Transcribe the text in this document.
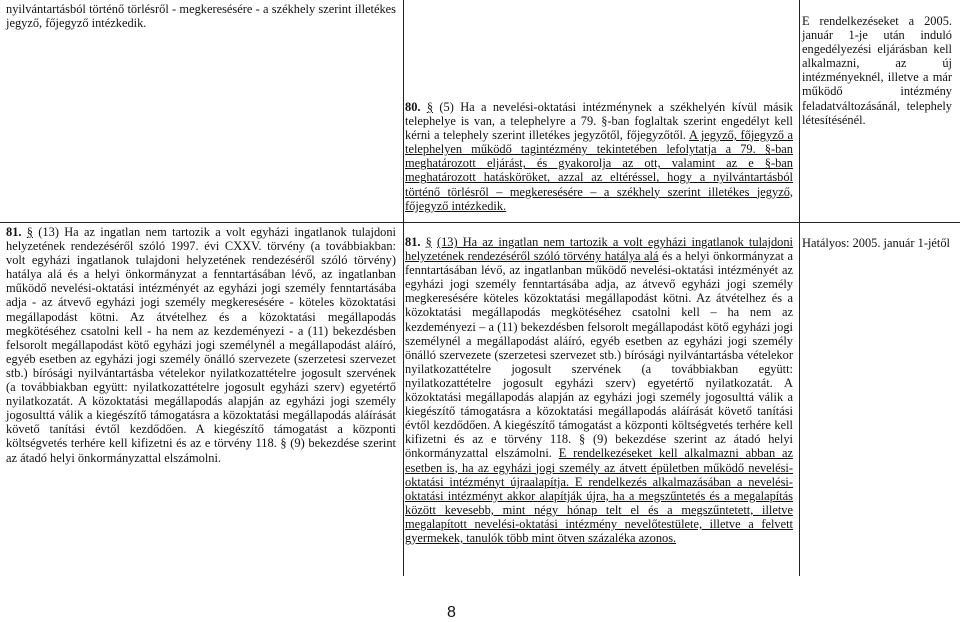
nyilvántartásból történő törlésről - megkeresésére - a székhely szerint illetékes jegyző, főjegyző intézkedik.

81. § (13) Ha az ingatlan nem tartozik a volt egyházi ingatlanok tulajdoni helyzetének rendezéséről szóló 1997. évi CXXV. törvény (a továbbiakban: volt egyházi ingatlanok tulajdoni helyzetének rendezéséről szóló törvény) hatálya alá és a helyi önkormányzat a fenntartásában lévő, az ingatlanban működő nevelési-oktatási intézményét az egyházi jogi személy fenntartásába adja - az átvevő egyházi jogi személy megkeresésére - köteles közoktatási megállapodást kötni. Az átvételhez és a közoktatási megállapodás megkötéséhez csatolni kell - ha nem az kezdeményezi - a (11) bekezdésben felsorolt megállapodást kötő egyházi jogi személynél a megállapodást aláíró, egyéb esetben az egyházi jogi személy önálló szervezete (szerzetesi szervezet stb.) bírósági nyilvántartásba vételekor nyilatkozattételre jogosult szervének (a továbbiakban együtt: nyilatkozattételre jogosult egyházi szerv) egyetértő nyilatkozatát. A közoktatási megállapodás alapján az egyházi jogi személy jogosulttá válik a kiegészítő támogatásra a közoktatási megállapodás aláírását követő tanítási évtől kezdődően. A kiegészítő támogatást a központi költségvetés terhére kell kifizetni és az e törvény 118. § (9) bekezdése szerint az átadó helyi önkormányzattal elszámolni.

80. § (5) Ha a nevelési-oktatási intézménynek a székhelyén kívül másik telephelye is van, a telephelyre a 79. §-ban foglaltak szerint engedélyt kell kérni a telephely szerint illetékes jegyzőtől, főjegyzőtől. A jegyző, főjegyző a telephelyen működő tagintézmény tekintetében lefolytatja a 79. §-ban meghatározott eljárást, és gyakorolja az ott, valamint az e §-ban meghatározott hatásköröket, azzal az eltéréssel, hogy a nyilvántartásból történő törlésről – megkeresésére – a székhely szerint illetékes jegyző, főjegyző intézkedik.

81. § (13) Ha az ingatlan nem tartozik a volt egyházi ingatlanok tulajdoni helyzetének rendezéséről szóló törvény hatálya alá és a helyi önkormányzat a fenntartásában lévő, az ingatlanban működő nevelési-oktatási intézményét az egyházi jogi személy fenntartásába adja, az átvevő egyházi jogi személy megkeresésére köteles közoktatási megállapodást kötni. Az átvételhez és a közoktatási megállapodás megkötéséhez csatolni kell – ha nem az kezdeményezi – a (11) bekezdésben felsorolt megállapodást kötő egyházi jogi személynél a megállapodást aláíró, egyéb esetben az egyházi jogi személy önálló szervezete (szerzetesi szervezet stb.) bírósági nyilvántartásba vételekor nyilatkozattételre jogosult szervének (a továbbiakban együtt: nyilatkozattételre jogosult egyházi szerv) egyetértő nyilatkozatát. A közoktatási megállapodás alapján az egyházi jogi személy jogosulttá válik a kiegészítő támogatásra a közoktatási megállapodás aláírását követő tanítási évtől kezdődően. A kiegészítő támogatást a központi költségvetés terhére kell kifizetni és az e törvény 118. § (9) bekezdése szerint az átadó helyi önkormányzattal elszámolni. E rendelkezéseket kell alkalmazni abban az esetben is, ha az egyházi jogi személy az átvett épületben működő nevelési-oktatási intézményt újraalapítja. E rendelkezés alkalmazásában a nevelési-oktatási intézményt akkor alapítják újra, ha a megszűntetés és a megalapítás között kevesebb, mint négy hónap telt el és a megszűntetett, illetve megalapított nevelési-oktatási intézmény nevelőtestülete, illetve a felvett gyermekek, tanulók több mint ötven százaléka azonos.

E rendelkezéseket a 2005. január 1-je után induló engedélyezési eljárásban kell alkalmazni, az új intézményeknél, illetve a már működő intézmény feladatváltozásánál, telephely létesítésénél.

Hatályos: 2005. január 1-jétől

8
